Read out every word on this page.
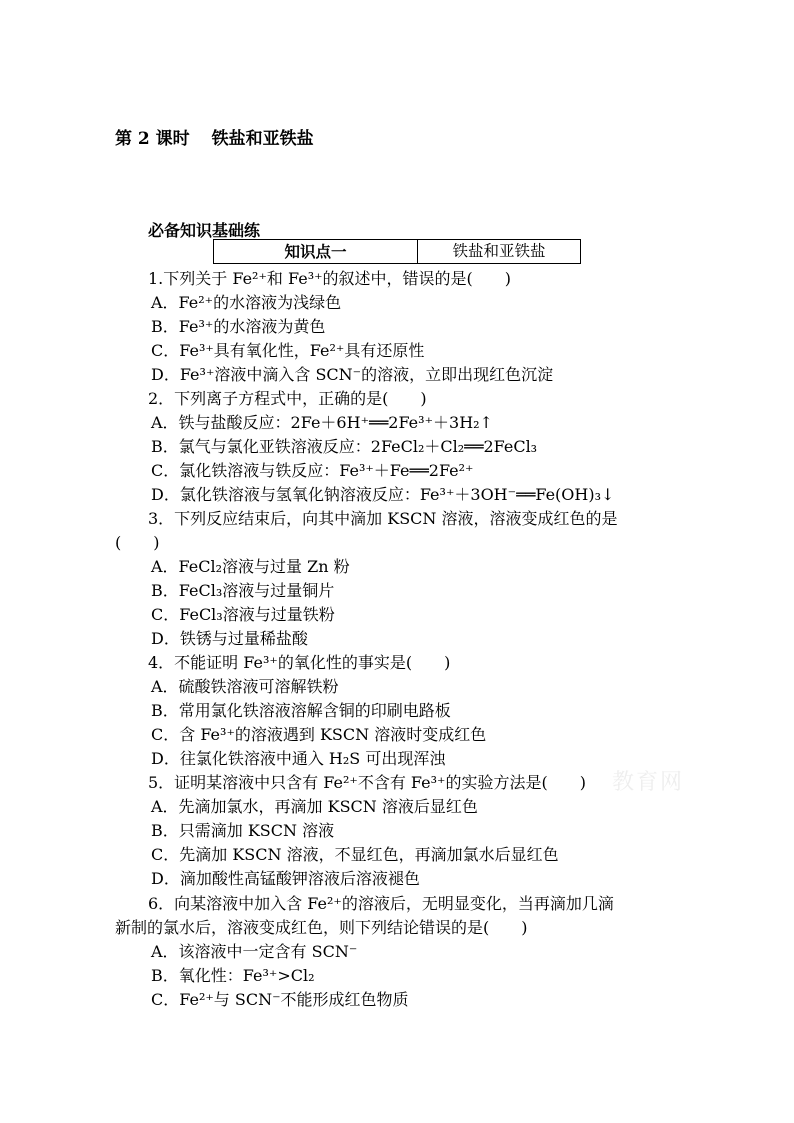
第 2 课时 铁盐和亚铁盐
必备知识基础练
知识点一	铁盐和亚铁盐
1.下列关于 Fe²⁺和 Fe³⁺的叙述中，错误的是(　　)
A．Fe²⁺的水溶液为浅绿色
B．Fe³⁺的水溶液为黄色
C．Fe³⁺具有氧化性，Fe²⁺具有还原性
D．Fe³⁺溶液中滴入含 SCN⁻的溶液，立即出现红色沉淀
2．下列离子方程式中，正确的是(　　)
A．铁与盐酸反应：2Fe＋6H⁺══2Fe³⁺＋3H₂↑
B．氯气与氯化亚铁溶液反应：2FeCl₂＋Cl₂══2FeCl₃
C．氯化铁溶液与铁反应：Fe³⁺＋Fe══2Fe²⁺
D．氯化铁溶液与氢氧化钠溶液反应：Fe³⁺＋3OH⁻══Fe(OH)₃↓
3．下列反应结束后，向其中滴加 KSCN 溶液，溶液变成红色的是
(　　)
A．FeCl₂溶液与过量 Zn 粉
B．FeCl₃溶液与过量铜片
C．FeCl₃溶液与过量铁粉
D．铁锈与过量稀盐酸
4．不能证明 Fe³⁺的氧化性的事实是(　　)
A．硫酸铁溶液可溶解铁粉
B．常用氯化铁溶液溶解含铜的印刷电路板
C．含 Fe³⁺的溶液遇到 KSCN 溶液时变成红色
D．往氯化铁溶液中通入 H₂S 可出现浑浊
5．证明某溶液中只含有 Fe²⁺不含有 Fe³⁺的实验方法是(　　)
A．先滴加氯水，再滴加 KSCN 溶液后显红色
B．只需滴加 KSCN 溶液
C．先滴加 KSCN 溶液，不显红色，再滴加氯水后显红色
D．滴加酸性高锰酸钾溶液后溶液褪色
6．向某溶液中加入含 Fe²⁺的溶液后，无明显变化，当再滴加几滴
新制的氯水后，溶液变成红色，则下列结论错误的是(　　)
A．该溶液中一定含有 SCN⁻
B．氧化性：Fe³⁺>Cl₂
C．Fe²⁺与 SCN⁻不能形成红色物质
教育网
